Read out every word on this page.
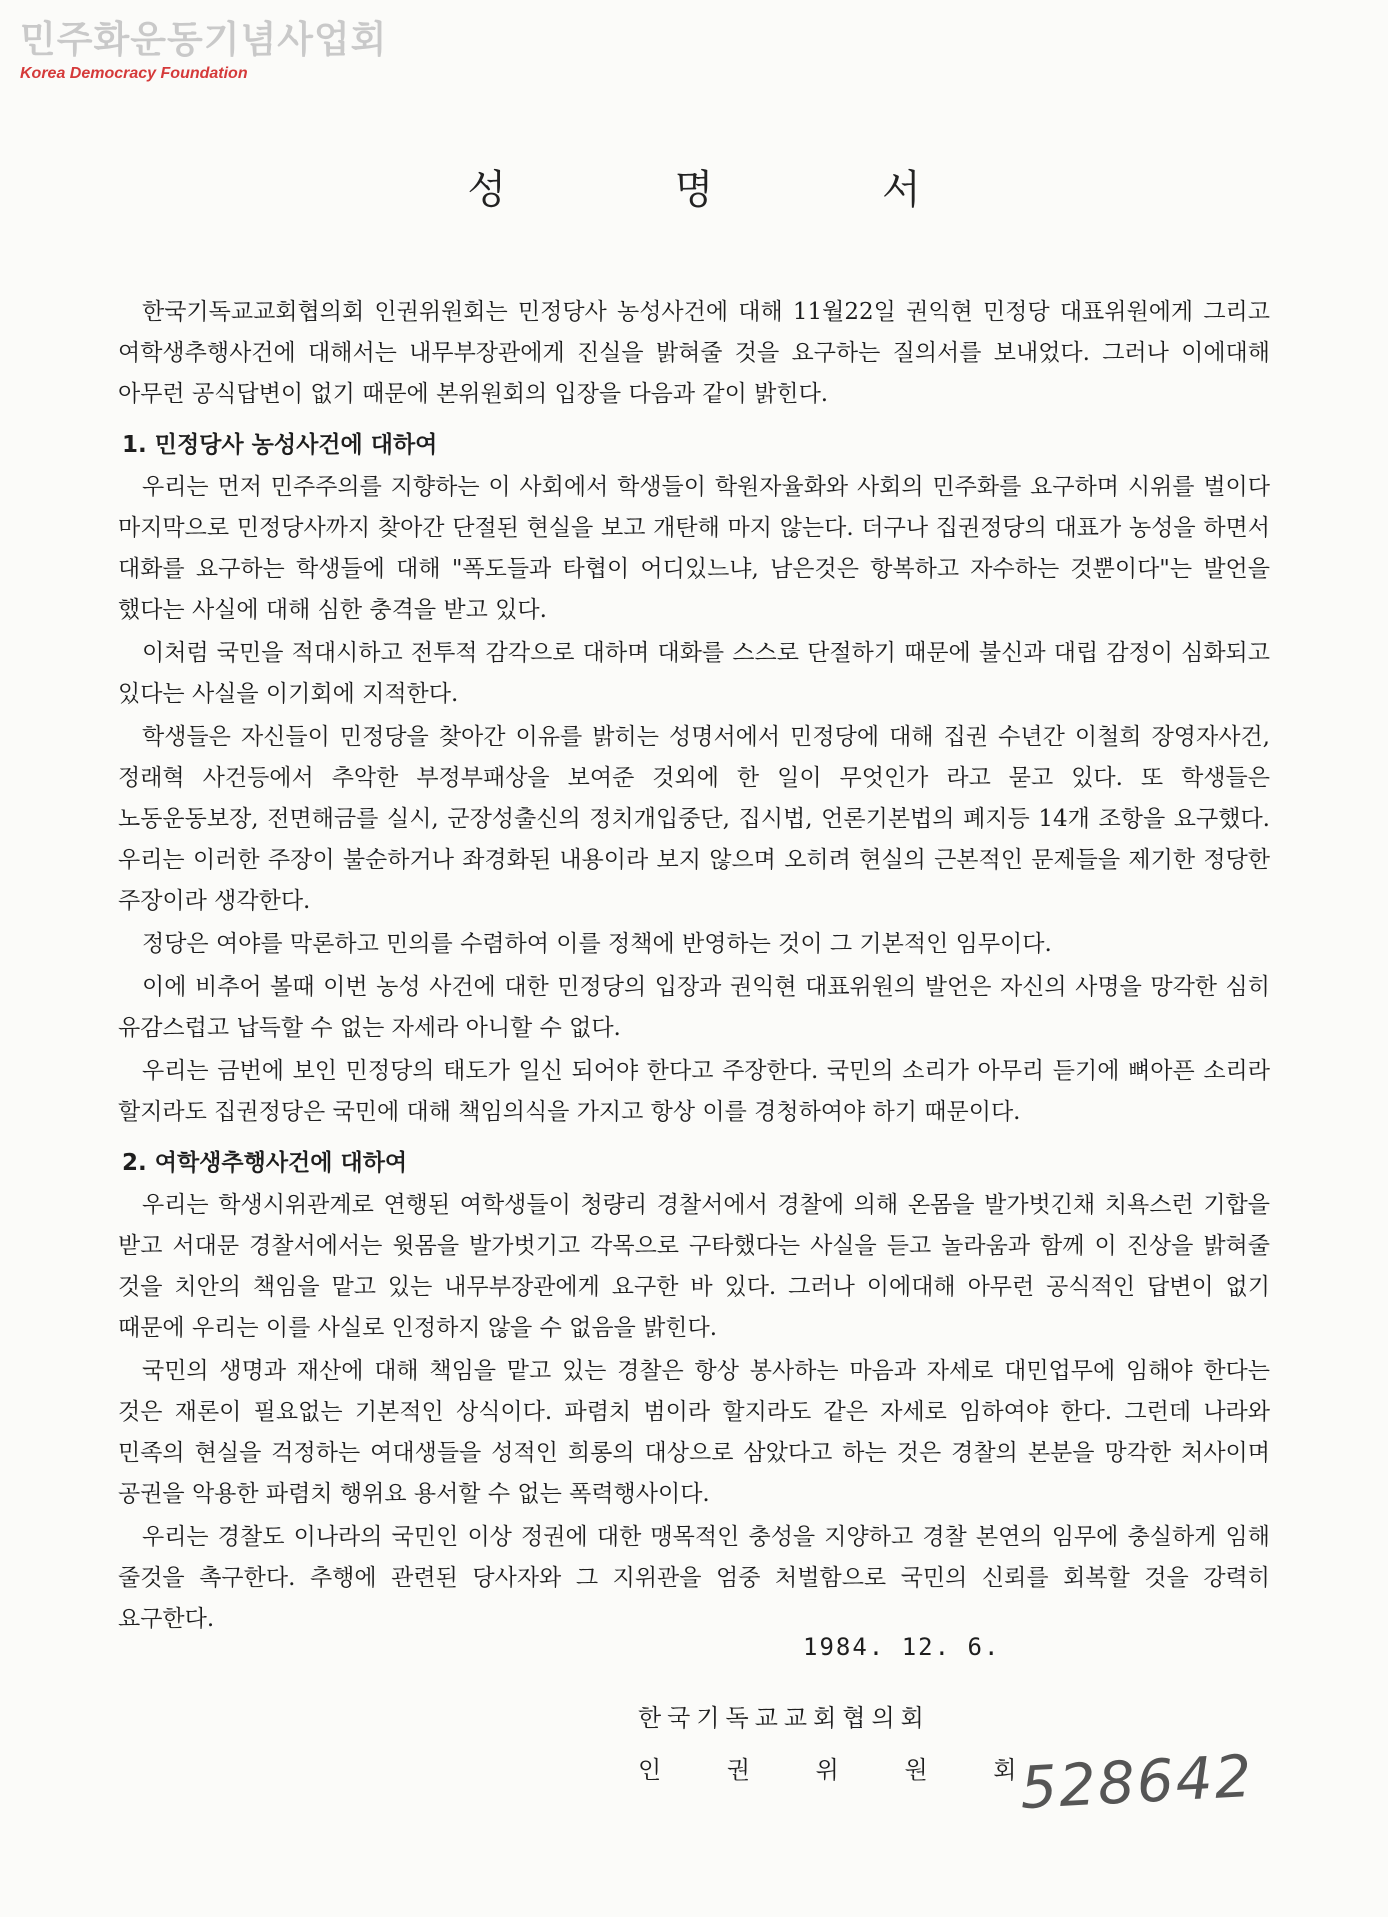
민주화운동기념사업회
Korea Democracy Foundation
성 명 서

한국기독교교회협의회 인권위원회는 민정당사 농성사건에 대해 11월22일 권익현 민정당 대표위원에게 그리고 여학생추행사건에 대해서는 내무부장관에게 진실을 밝혀줄 것을 요구하는 질의서를 보내었다. 그러나 이에대해 아무런 공식답변이 없기 때문에 본위원회의 입장을 다음과 같이 밝힌다.

1. 민정당사 농성사건에 대하여

우리는 먼저 민주주의를 지향하는 이 사회에서 학생들이 학원자율화와 사회의 민주화를 요구하며 시위를 벌이다 마지막으로 민정당사까지 찾아간 단절된 현실을 보고 개탄해 마지 않는다. 더구나 집권정당의 대표가 농성을 하면서 대화를 요구하는 학생들에 대해 "폭도들과 타협이 어디있느냐, 남은것은 항복하고 자수하는 것뿐이다"는 발언을 했다는 사실에 대해 심한 충격을 받고 있다.

이처럼 국민을 적대시하고 전투적 감각으로 대하며 대화를 스스로 단절하기 때문에 불신과 대립 감정이 심화되고 있다는 사실을 이기회에 지적한다.

학생들은 자신들이 민정당을 찾아간 이유를 밝히는 성명서에서 민정당에 대해 집권 수년간 이철희 장영자사건, 정래혁 사건등에서 추악한 부정부패상을 보여준 것외에 한 일이 무엇인가 라고 묻고 있다. 또 학생들은 노동운동보장, 전면해금를 실시, 군장성출신의 정치개입중단, 집시법, 언론기본법의 폐지등 14개 조항을 요구했다. 우리는 이러한 주장이 불순하거나 좌경화된 내용이라 보지 않으며 오히려 현실의 근본적인 문제들을 제기한 정당한 주장이라 생각한다.

정당은 여야를 막론하고 민의를 수렴하여 이를 정책에 반영하는 것이 그 기본적인 임무이다.

이에 비추어 볼때 이번 농성 사건에 대한 민정당의 입장과 권익현 대표위원의 발언은 자신의 사명을 망각한 심히 유감스럽고 납득할 수 없는 자세라 아니할 수 없다.

우리는 금번에 보인 민정당의 태도가 일신 되어야 한다고 주장한다. 국민의 소리가 아무리 듣기에 뼈아픈 소리라 할지라도 집권정당은 국민에 대해 책임의식을 가지고 항상 이를 경청하여야 하기 때문이다.

2. 여학생추행사건에 대하여

우리는 학생시위관계로 연행된 여학생들이 청량리 경찰서에서 경찰에 의해 온몸을 발가벗긴채 치욕스런 기합을 받고 서대문 경찰서에서는 윗몸을 발가벗기고 각목으로 구타했다는 사실을 듣고 놀라움과 함께 이 진상을 밝혀줄 것을 치안의 책임을 맡고 있는 내무부장관에게 요구한 바 있다. 그러나 이에대해 아무런 공식적인 답변이 없기 때문에 우리는 이를 사실로 인정하지 않을 수 없음을 밝힌다.

국민의 생명과 재산에 대해 책임을 맡고 있는 경찰은 항상 봉사하는 마음과 자세로 대민업무에 임해야 한다는 것은 재론이 필요없는 기본적인 상식이다. 파렴치 범이라 할지라도 같은 자세로 임하여야 한다. 그런데 나라와 민족의 현실을 걱정하는 여대생들을 성적인 희롱의 대상으로 삼았다고 하는 것은 경찰의 본분을 망각한 처사이며 공권을 악용한 파렴치 행위요 용서할 수 없는 폭력행사이다.

우리는 경찰도 이나라의 국민인 이상 정권에 대한 맹목적인 충성을 지양하고 경찰 본연의 임무에 충실하게 임해 줄것을 촉구한다. 추행에 관련된 당사자와 그 지위관을 엄중 처벌함으로 국민의 신뢰를 회복할 것을 강력히 요구한다.

1984. 12. 6.
한국기독교교회협의회
인 권 위 원 회
528642
